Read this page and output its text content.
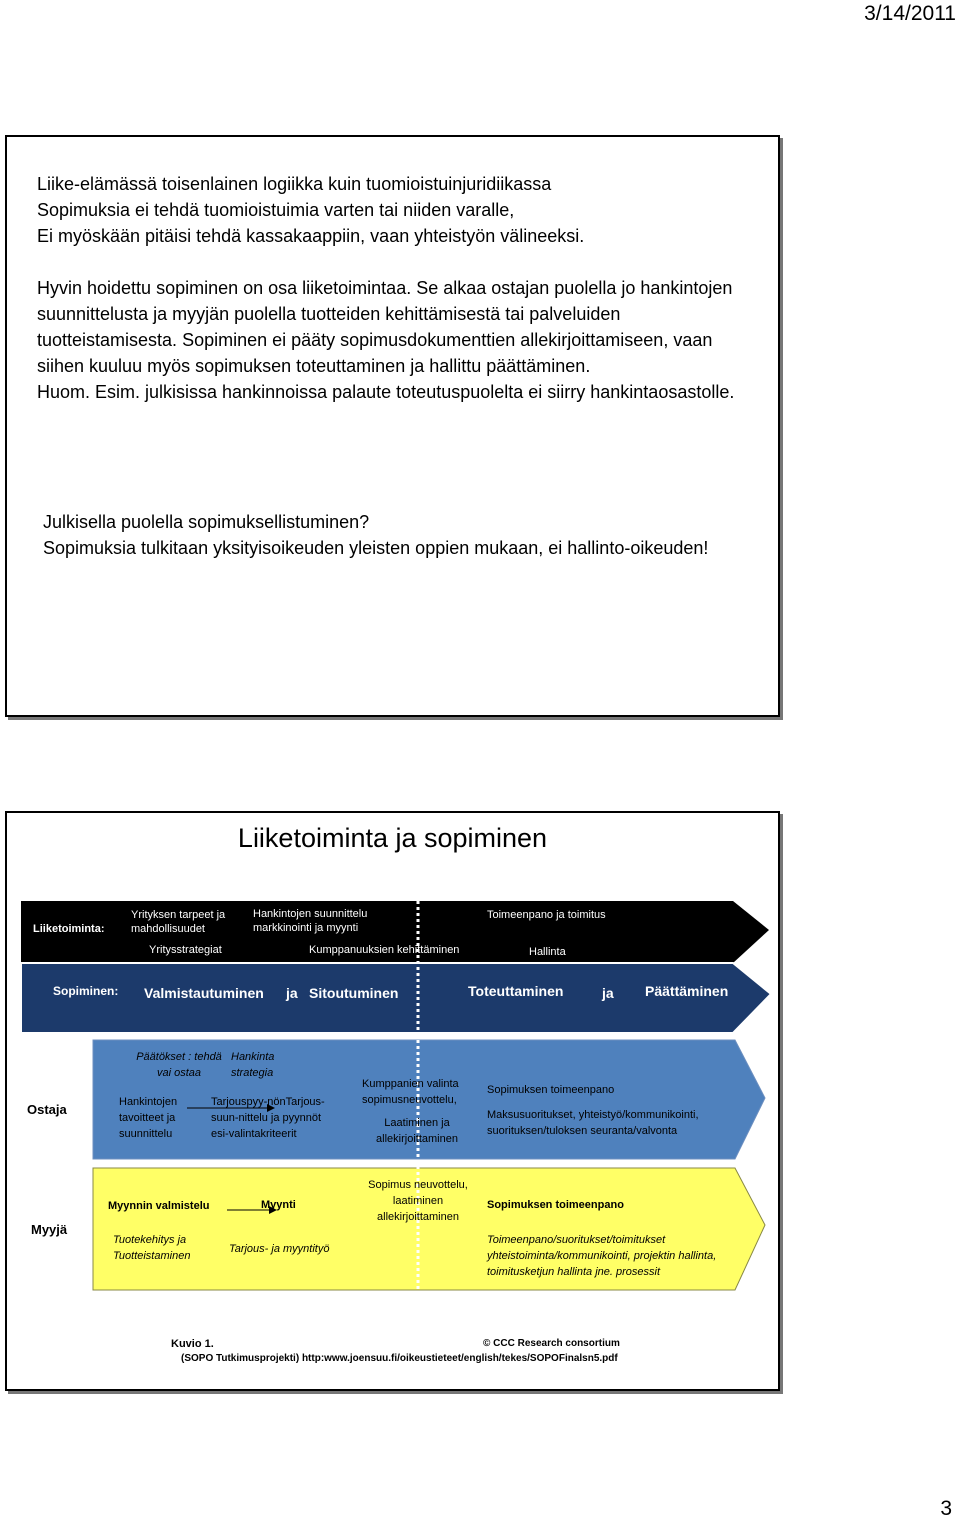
3/14/2011

Liike-elämässä toisenlainen logiikka kuin tuomioistuinjuridiikassa

Sopimuksia ei tehdä tuomioistuimia varten tai niiden varalle,

Ei myöskään pitäisi tehdä kassakaappiin, vaan yhteistyön välineeksi.

Hyvin hoidettu sopiminen on osa liiketoimintaa. Se alkaa ostajan puolella jo hankintojen suunnittelusta ja myyjän puolella tuotteiden kehittämisestä tai palveluiden tuotteistamisesta. Sopiminen ei pääty sopimusdokumenttien allekirjoittamiseen, vaan siihen kuuluu myös sopimuksen toteuttaminen ja hallittu päättäminen.

Huom. Esim. julkisissa hankinnoissa palaute toteutuspuolelta ei siirry hankintaosastolle.

Julkisella puolella sopimuksellistuminen?

Sopimuksia tulkitaan yksityisoikeuden yleisten oppien mukaan, ei hallinto-oikeuden!

Liiketoiminta ja sopiminen
Liiketoiminta:
Yrityksen tarpeet ja mahdollisuudet
Yritysstrategiat
Hankintojen suunnittelu markkinointi ja myynti
Kumppanuuksien kehittäminen
Toimeenpano ja toimitus
Hallinta
Sopiminen: Valmistautuminen ja Sitoutuminen	Toteuttaminen	ja Päättäminen
Ostaja
Päätökset : tehdä vai ostaa
Hankinta strategia
Hankintojen tavoitteet ja suunnittelu
Tarjouspyy-nönTarjous-suun-nittelu ja pyynnöt esi-valintakriteerit
Kumppanien valinta sopimusneuvottelu,
Laatiminen ja allekirjoittaminen
Sopimuksen toimeenpano
Maksusuoritukset, yhteistyö/kommunikointi, suorituksen/tuloksen seuranta/valvonta
Myyjä
Myynnin valmistelu
Tuotekehitys ja Tuotteistaminen
Myynti
Tarjous- ja myyntityö
Sopimus neuvottelu, laatiminen allekirjoittaminen
Sopimuksen toimeenpano
Toimeenpano/suoritukset/toimitukset yhteistoiminta/kommunikointi, projektin hallinta, toimitusketjun hallinta jne. prosessit
Kuvio 1.	© CCC Research consortium
(SOPO Tutkimusprojekti) http:www.joensuu.fi/oikeustieteet/english/tekes/SOPOFinalsn5.pdf
3
